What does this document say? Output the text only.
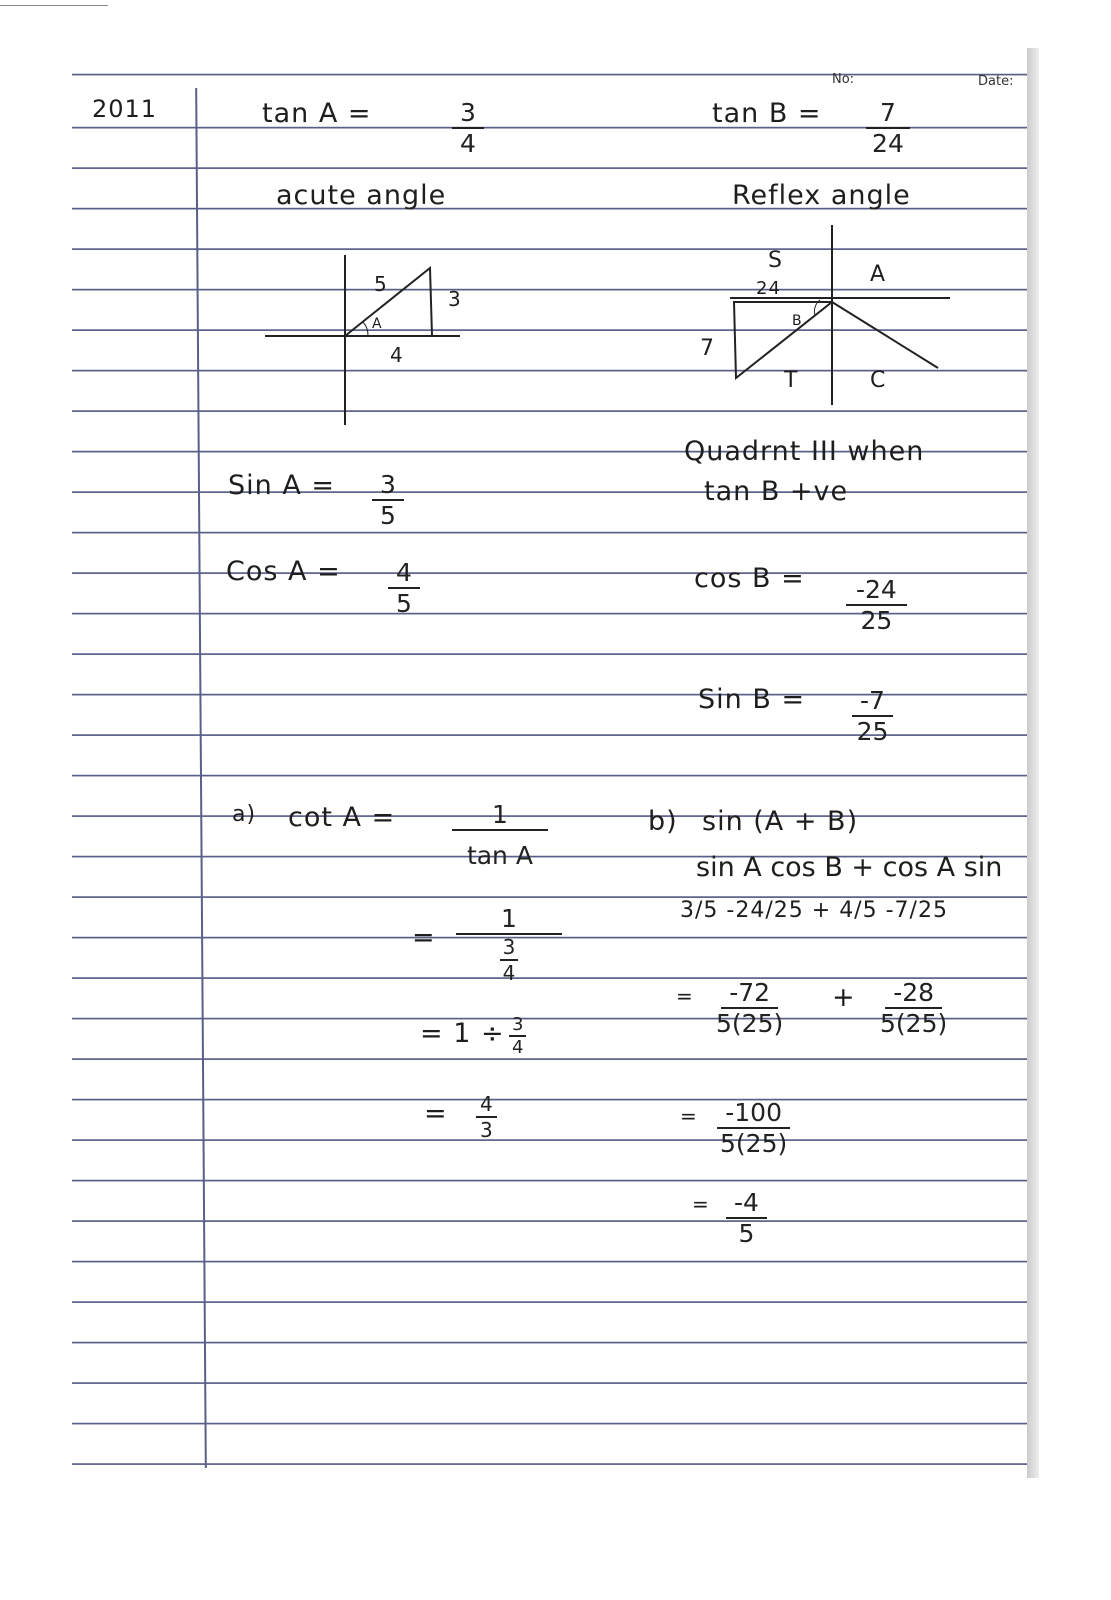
No:	Date:
2011	tan A =	$\frac{3}{4}$
acute angle
5
3
4
A
Sin $A = \frac{3}{5}$
Cos $A = \frac{4}{5}$
a) $\cot A = \frac{1}{\text{tan A}}$
=
1
$\frac{3}{4}$
= $1 \div \frac{3}{4}$
= $\frac{4}{3}$
$\tan B = \frac{7}{24}$
Reflex angle
S
A
T	C
24
7
B
Quadrnt III when
tan B +ve
$\cos B = \frac{-24}{25}$
Sin $B = \frac{-7}{25}$
b) sin (A + B)
sin A cos B + cos A sin
3/5 -24/25 + 4/5 -7/25
= $\frac{-72}{5(25)} + \frac{-28}{5(25)}$
= $\frac{-100}{5(25)}$
= $\frac{-4}{5}$
